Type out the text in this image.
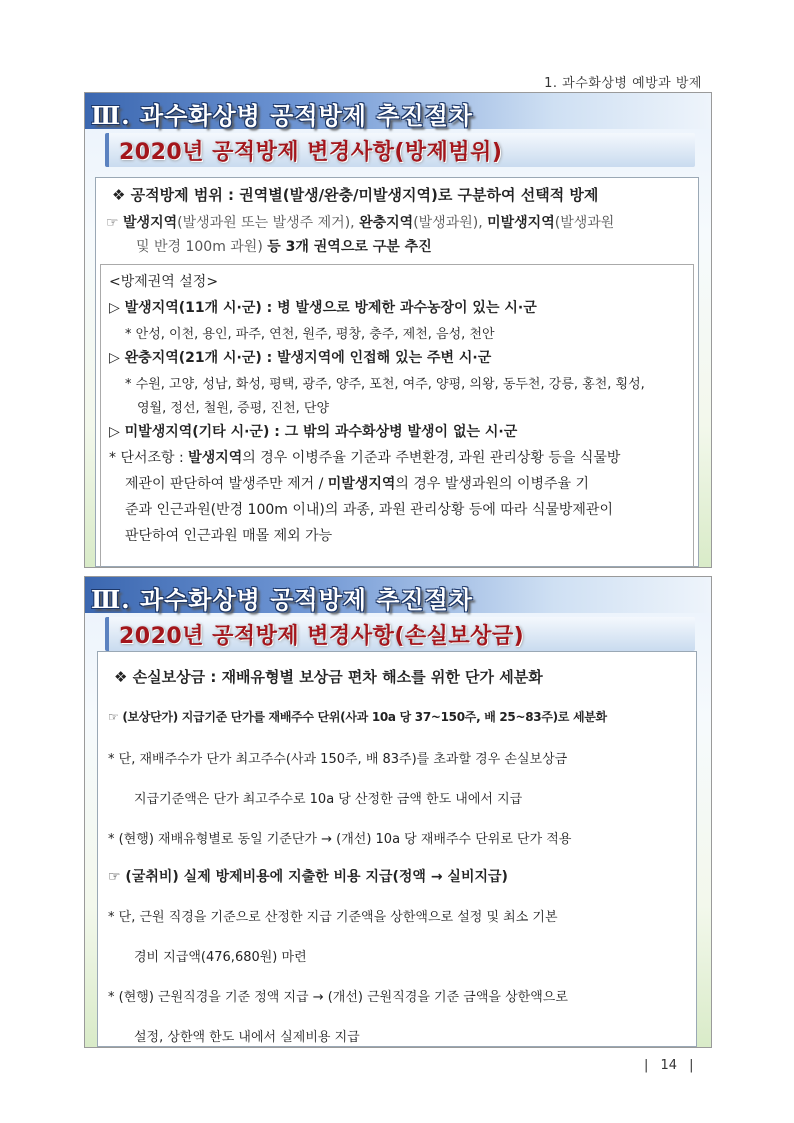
1. 과수화상병 예방과 방제
Ⅲ. 과수화상병 공적방제 추진절차
2020년 공적방제 변경사항(방제범위)
❖ 공적방제 범위 : 권역별(발생/완충/미발생지역)로 구분하여 선택적 방제
☞ 발생지역(발생과원 또는 발생주 제거), 완충지역(발생과원), 미발생지역(발생과원
및 반경 100m 과원) 등 3개 권역으로 구분 추진
<방제권역 설정>
▷ 발생지역(11개 시·군) : 병 발생으로 방제한 과수농장이 있는 시·군
* 안성, 이천, 용인, 파주, 연천, 원주, 평창, 충주, 제천, 음성, 천안
▷ 완충지역(21개 시·군) : 발생지역에 인접해 있는 주변 시·군
* 수원, 고양, 성남, 화성, 평택, 광주, 양주, 포천, 여주, 양평, 의왕, 동두천, 강릉, 홍천, 횡성,
영월, 정선, 철원, 증평, 진천, 단양
▷ 미발생지역(기타 시·군) : 그 밖의 과수화상병 발생이 없는 시·군
* 단서조항 : 발생지역의 경우 이병주율 기준과 주변환경, 과원 관리상황 등을 식물방
제관이 판단하여 발생주만 제거 / 미발생지역의 경우 발생과원의 이병주율 기
준과 인근과원(반경 100m 이내)의 과종, 과원 관리상황 등에 따라 식물방제관이
판단하여 인근과원 매몰 제외 가능
Ⅲ. 과수화상병 공적방제 추진절차
2020년 공적방제 변경사항(손실보상금)
❖ 손실보상금 : 재배유형별 보상금 편차 해소를 위한 단가 세분화
☞ (보상단가) 지급기준 단가를 재배주수 단위(사과 10a 당 37~150주, 배 25~83주)로 세분화
* 단, 재배주수가 단가 최고주수(사과 150주, 배 83주)를 초과할 경우 손실보상금
지급기준액은 단가 최고주수로 10a 당 산정한 금액 한도 내에서 지급
* (현행) 재배유형별로 동일 기준단가 → (개선) 10a 당 재배주수 단위로 단가 적용
☞ (굴취비) 실제 방제비용에 지출한 비용 지급(정액 → 실비지급)
* 단, 근원 직경을 기준으로 산정한 지급 기준액을 상한액으로 설정 및 최소 기본
경비 지급액(476,680원) 마련
* (현행) 근원직경을 기준 정액 지급 → (개선) 근원직경을 기준 금액을 상한액으로
설정, 상한액 한도 내에서 실제비용 지급
| 14 |
